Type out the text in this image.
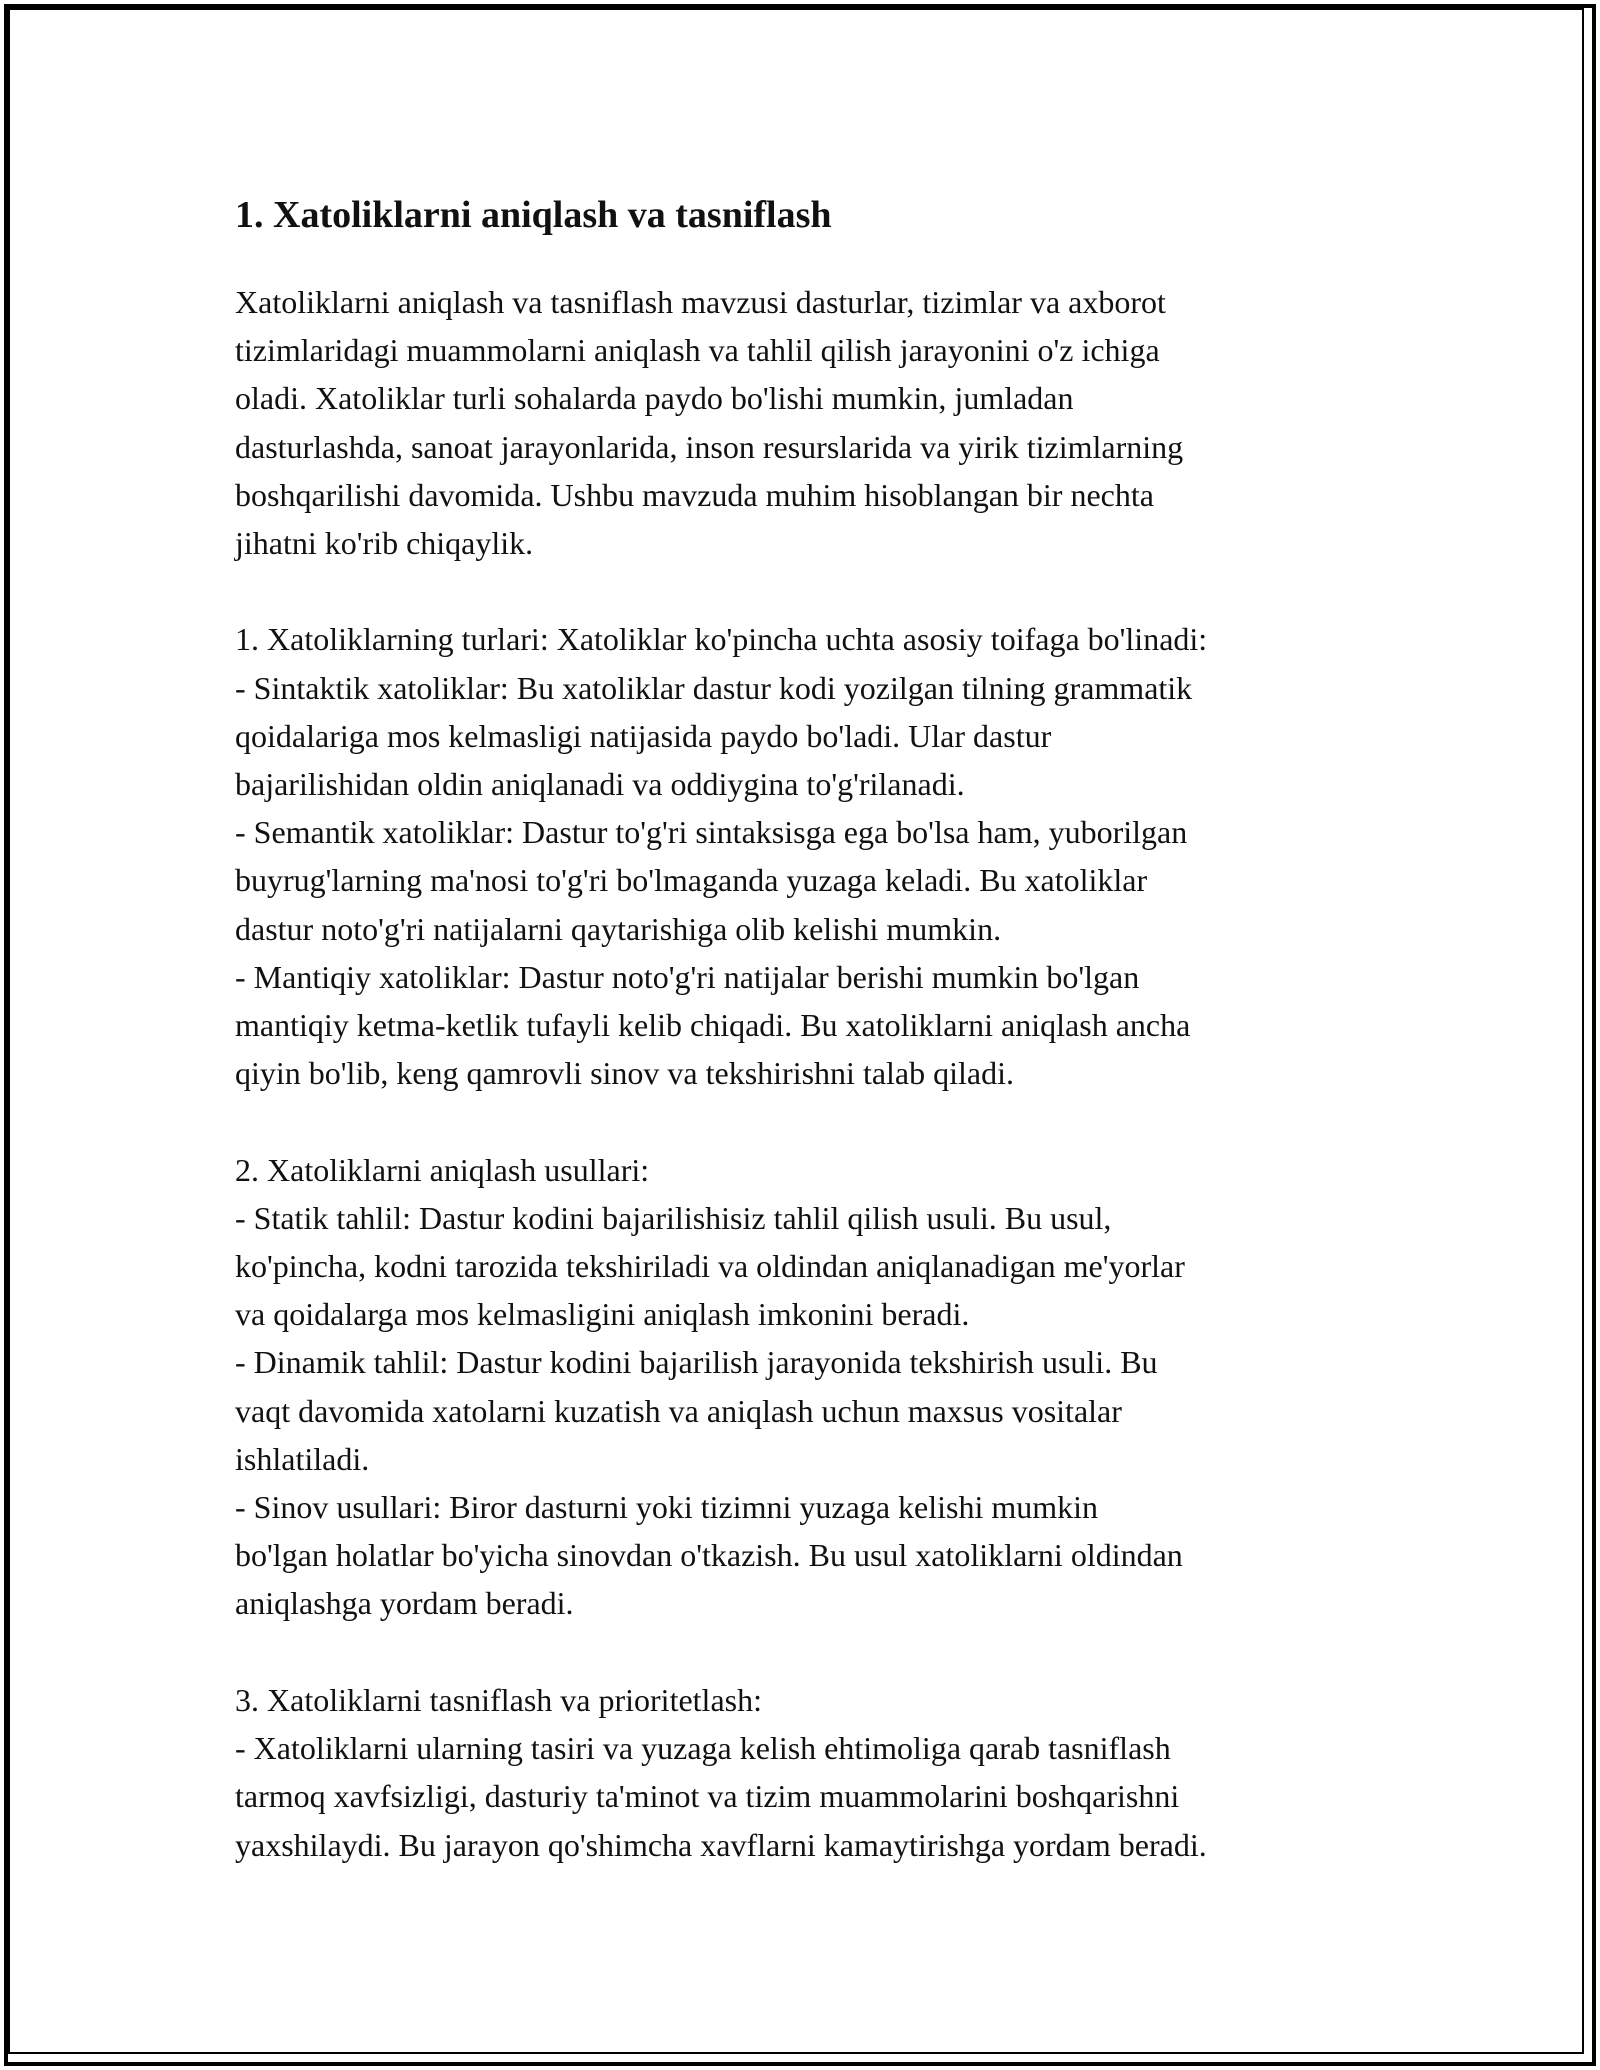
1. Xatoliklarni aniqlash va tasniflash

Xatoliklarni aniqlash va tasniflash mavzusi dasturlar, tizimlar va axborot
tizimlaridagi muammolarni aniqlash va tahlil qilish jarayonini o'z ichiga
oladi. Xatoliklar turli sohalarda paydo bo'lishi mumkin, jumladan
dasturlashda, sanoat jarayonlarida, inson resurslarida va yirik tizimlarning
boshqarilishi davomida. Ushbu mavzuda muhim hisoblangan bir nechta
jihatni ko'rib chiqaylik.

1. Xatoliklarning turlari: Xatoliklar ko'pincha uchta asosiy toifaga bo'linadi:
- Sintaktik xatoliklar: Bu xatoliklar dastur kodi yozilgan tilning grammatik
qoidalariga mos kelmasligi natijasida paydo bo'ladi. Ular dastur
bajarilishidan oldin aniqlanadi va oddiygina to'g'rilanadi.
- Semantik xatoliklar: Dastur to'g'ri sintaksisga ega bo'lsa ham, yuborilgan
buyrug'larning ma'nosi to'g'ri bo'lmaganda yuzaga keladi. Bu xatoliklar
dastur noto'g'ri natijalarni qaytarishiga olib kelishi mumkin.
- Mantiqiy xatoliklar: Dastur noto'g'ri natijalar berishi mumkin bo'lgan
mantiqiy ketma-ketlik tufayli kelib chiqadi. Bu xatoliklarni aniqlash ancha
qiyin bo'lib, keng qamrovli sinov va tekshirishni talab qiladi.

2. Xatoliklarni aniqlash usullari:
- Statik tahlil: Dastur kodini bajarilishisiz tahlil qilish usuli. Bu usul,
ko'pincha, kodni tarozida tekshiriladi va oldindan aniqlanadigan me'yorlar
va qoidalarga mos kelmasligini aniqlash imkonini beradi.
- Dinamik tahlil: Dastur kodini bajarilish jarayonida tekshirish usuli. Bu
vaqt davomida xatolarni kuzatish va aniqlash uchun maxsus vositalar
ishlatiladi.
- Sinov usullari: Biror dasturni yoki tizimni yuzaga kelishi mumkin
bo'lgan holatlar bo'yicha sinovdan o'tkazish. Bu usul xatoliklarni oldindan
aniqlashga yordam beradi.

3. Xatoliklarni tasniflash va prioritetlash:
- Xatoliklarni ularning tasiri va yuzaga kelish ehtimoliga qarab tasniflash
tarmoq xavfsizligi, dasturiy ta'minot va tizim muammolarini boshqarishni
yaxshilaydi. Bu jarayon qo'shimcha xavflarni kamaytirishga yordam beradi.
